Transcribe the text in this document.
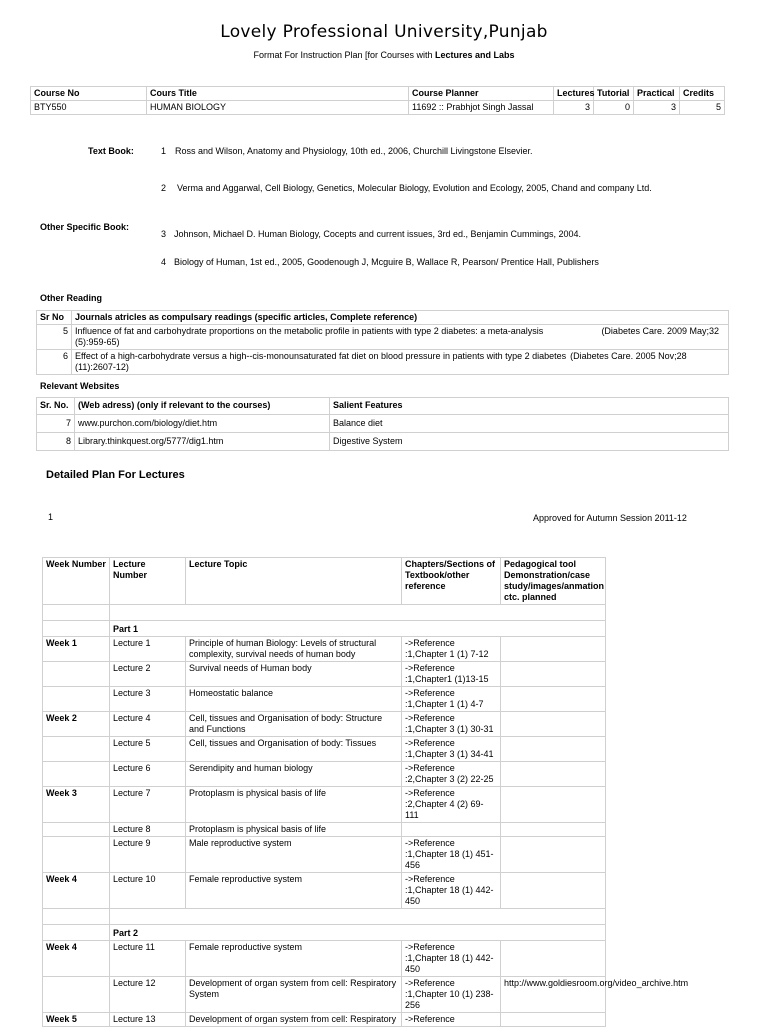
Lovely Professional University,Punjab
Format For Instruction Plan [for Courses with Lectures and Labs
Course No	Cours Title	Course Planner	Lectures	Tutorial	Practical	Credits
BTY550	HUMAN BIOLOGY	11692 :: Prabhjot Singh Jassal	3	0	3	5
Text Book:	1 Ross and Wilson, Anatomy and Physiology, 10th ed., 2006, Churchill Livingstone Elsevier.
2 Verma and Aggarwal, Cell Biology, Genetics, Molecular Biology, Evolution and Ecology, 2005, Chand and company Ltd.
Other Specific Book:
3 Johnson, Michael D. Human Biology, Cocepts and current issues, 3rd ed., Benjamin Cummings, 2004.
4 Biology of Human, 1st ed., 2005, Goodenough J, Mcguire B, Wallace R, Pearson/ Prentice Hall, Publishers
Other Reading
Sr No	Journals atricles as compulsary readings (specific articles, Complete reference)
5	Influence of fat and carbohydrate proportions on the metabolic profile in patients with type 2 diabetes: a meta-analysis (Diabetes Care. 2009 May;32
(5):959-65)

6	Effect of a high-carbohydrate versus a high--cis-monounsaturated fat diet on blood pressure in patients with type 2 diabetes (Diabetes Care. 2005 Nov;28
(11):2607-12)
Relevant Websites
Sr. No.	(Web adress) (only if relevant to the courses)	Salient Features
7	www.purchon.com/biology/diet.htm	Balance diet
8	Library.thinkquest.org/5777/dig1.htm	Digestive System
Detailed Plan For Lectures
1	Approved for Autumn Session 2011-12
Week Number	Lecture Number	Lecture Topic	Chapters/Sections of Textbook/other reference	Pedagogical tool Demonstration/case study/images/anmation ctc. planned

	Part 1			
Week 1	Lecture 1	Principle of human Biology: Levels of structural complexity, survival needs of human body	->Reference :1,Chapter 1 (1) 7-12	
	Lecture 2	Survival needs of Human body	->Reference :1,Chapter1 (1)13-15	
	Lecture 3	Homeostatic balance	->Reference :1,Chapter 1 (1) 4-7	
Week 2	Lecture 4	Cell, tissues and Organisation of body: Structure and Functions	->Reference :1,Chapter 3 (1) 30-31	
	Lecture 5	Cell, tissues and Organisation of body: Tissues	->Reference :1,Chapter 3 (1) 34-41	
	Lecture 6	Serendipity and human biology	->Reference :2,Chapter 3 (2) 22-25	
Week 3	Lecture 7	Protoplasm is physical basis of life	->Reference :2,Chapter 4 (2) 69-111	
	Lecture 8	Protoplasm is physical basis of life		
	Lecture 9	Male reproductive system	->Reference :1,Chapter 18 (1) 451-456	
Week 4	Lecture 10	Female reproductive system	->Reference :1,Chapter 18 (1) 442-450	

	Part 2			
Week 4	Lecture 11	Female reproductive system	->Reference :1,Chapter 18 (1) 442-450	
	Lecture 12	Development of organ system from cell: Respiratory System	->Reference :1,Chapter 10 (1) 238-256	http://www.goldiesroom.org/video_archive.htm
Week 5	Lecture 13	Development of organ system from cell: Respiratory	->Reference	
